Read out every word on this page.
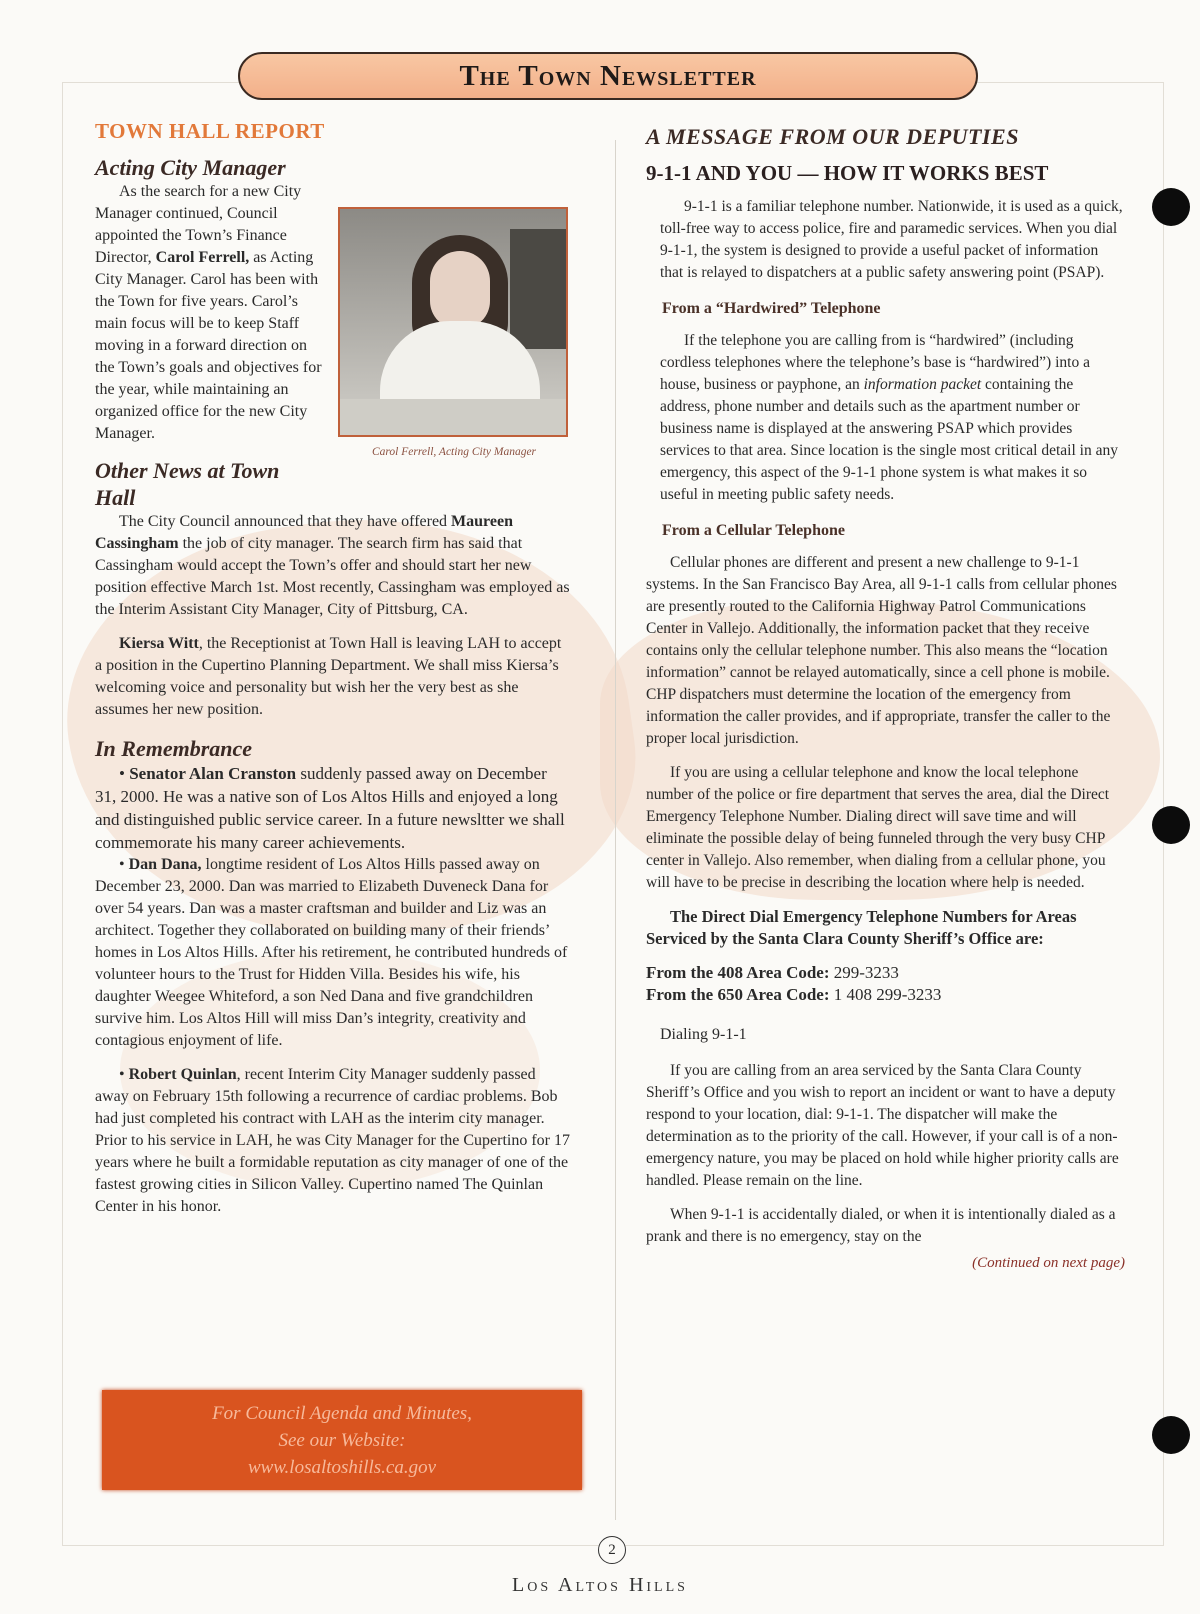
The Town Newsletter
TOWN HALL REPORT
Acting City Manager
Carol Ferrell, Acting City Manager

As the search for a new City Manager continued, Council appointed the Town’s Finance Director, Carol Ferrell, as Acting City Manager. Carol has been with the Town for five years. Carol’s main focus will be to keep Staff moving in a forward direction on the Town’s goals and objectives for the year, while maintaining an organized office for the new City Manager.

Other News at Town Hall

The City Council announced that they have offered Maureen Cassingham the job of city manager. The search firm has said that Cassingham would accept the Town’s offer and should start her new position effective March 1st. Most recently, Cassingham was employed as the Interim Assistant City Manager, City of Pittsburg, CA.

Kiersa Witt, the Receptionist at Town Hall is leaving LAH to accept a position in the Cupertino Planning Department. We shall miss Kiersa’s welcoming voice and personality but wish her the very best as she assumes her new position.

In Remembrance

• Senator Alan Cranston suddenly passed away on December 31, 2000. He was a native son of Los Altos Hills and enjoyed a long and distinguished public service career. In a future newsltter we shall commemorate his many career achievements.

• Dan Dana, longtime resident of Los Altos Hills passed away on December 23, 2000. Dan was married to Elizabeth Duveneck Dana for over 54 years. Dan was a master craftsman and builder and Liz was an architect. Together they collaborated on building many of their friends’ homes in Los Altos Hills. After his retirement, he contributed hundreds of volunteer hours to the Trust for Hidden Villa. Besides his wife, his daughter Weegee Whiteford, a son Ned Dana and five grandchildren survive him. Los Altos Hill will miss Dan’s integrity, creativity and contagious enjoyment of life.

• Robert Quinlan, recent Interim City Manager suddenly passed away on February 15th following a recurrence of cardiac problems. Bob had just completed his contract with LAH as the interim city manager. Prior to his service in LAH, he was City Manager for the Cupertino for 17 years where he built a formidable reputation as city manager of one of the fastest growing cities in Silicon Valley. Cupertino named The Quinlan Center in his honor.

For Council Agenda and Minutes,
See our Website:
www.losaltoshills.ca.gov
A MESSAGE FROM OUR DEPUTIES
9-1-1 AND YOU — HOW IT WORKS BEST

9-1-1 is a familiar telephone number. Nationwide, it is used as a quick, toll-free way to access police, fire and paramedic services. When you dial 9-1-1, the system is designed to provide a useful packet of information that is relayed to dispatchers at a public safety answering point (PSAP).

From a “Hardwired” Telephone

If the telephone you are calling from is “hardwired” (including cordless telephones where the telephone’s base is “hardwired”) into a house, business or payphone, an information packet containing the address, phone number and details such as the apartment number or business name is displayed at the answering PSAP which provides services to that area. Since location is the single most critical detail in any emergency, this aspect of the 9-1-1 phone system is what makes it so useful in meeting public safety needs.

From a Cellular Telephone

Cellular phones are different and present a new challenge to 9-1-1 systems. In the San Francisco Bay Area, all 9-1-1 calls from cellular phones are presently routed to the California Highway Patrol Communications Center in Vallejo. Additionally, the information packet that they receive contains only the cellular telephone number. This also means the “location information” cannot be relayed automatically, since a cell phone is mobile. CHP dispatchers must determine the location of the emergency from information the caller provides, and if appropriate, transfer the caller to the proper local jurisdiction.

If you are using a cellular telephone and know the local telephone number of the police or fire department that serves the area, dial the Direct Emergency Telephone Number. Dialing direct will save time and will eliminate the possible delay of being funneled through the very busy CHP center in Vallejo. Also remember, when dialing from a cellular phone, you will have to be precise in describing the location where help is needed.

The Direct Dial Emergency Telephone Numbers for Areas Serviced by the Santa Clara County Sheriff’s Office are:

From the 408 Area Code: 299-3233
From the 650 Area Code: 1 408 299-3233
Dialing 9-1-1

If you are calling from an area serviced by the Santa Clara County Sheriff’s Office and you wish to report an incident or want to have a deputy respond to your location, dial: 9-1-1. The dispatcher will make the determination as to the priority of the call. However, if your call is of a non-emergency nature, you may be placed on hold while higher priority calls are handled. Please remain on the line.

When 9-1-1 is accidentally dialed, or when it is intentionally dialed as a prank and there is no emergency, stay on the

(Continued on next page)
2
Los Altos Hills
